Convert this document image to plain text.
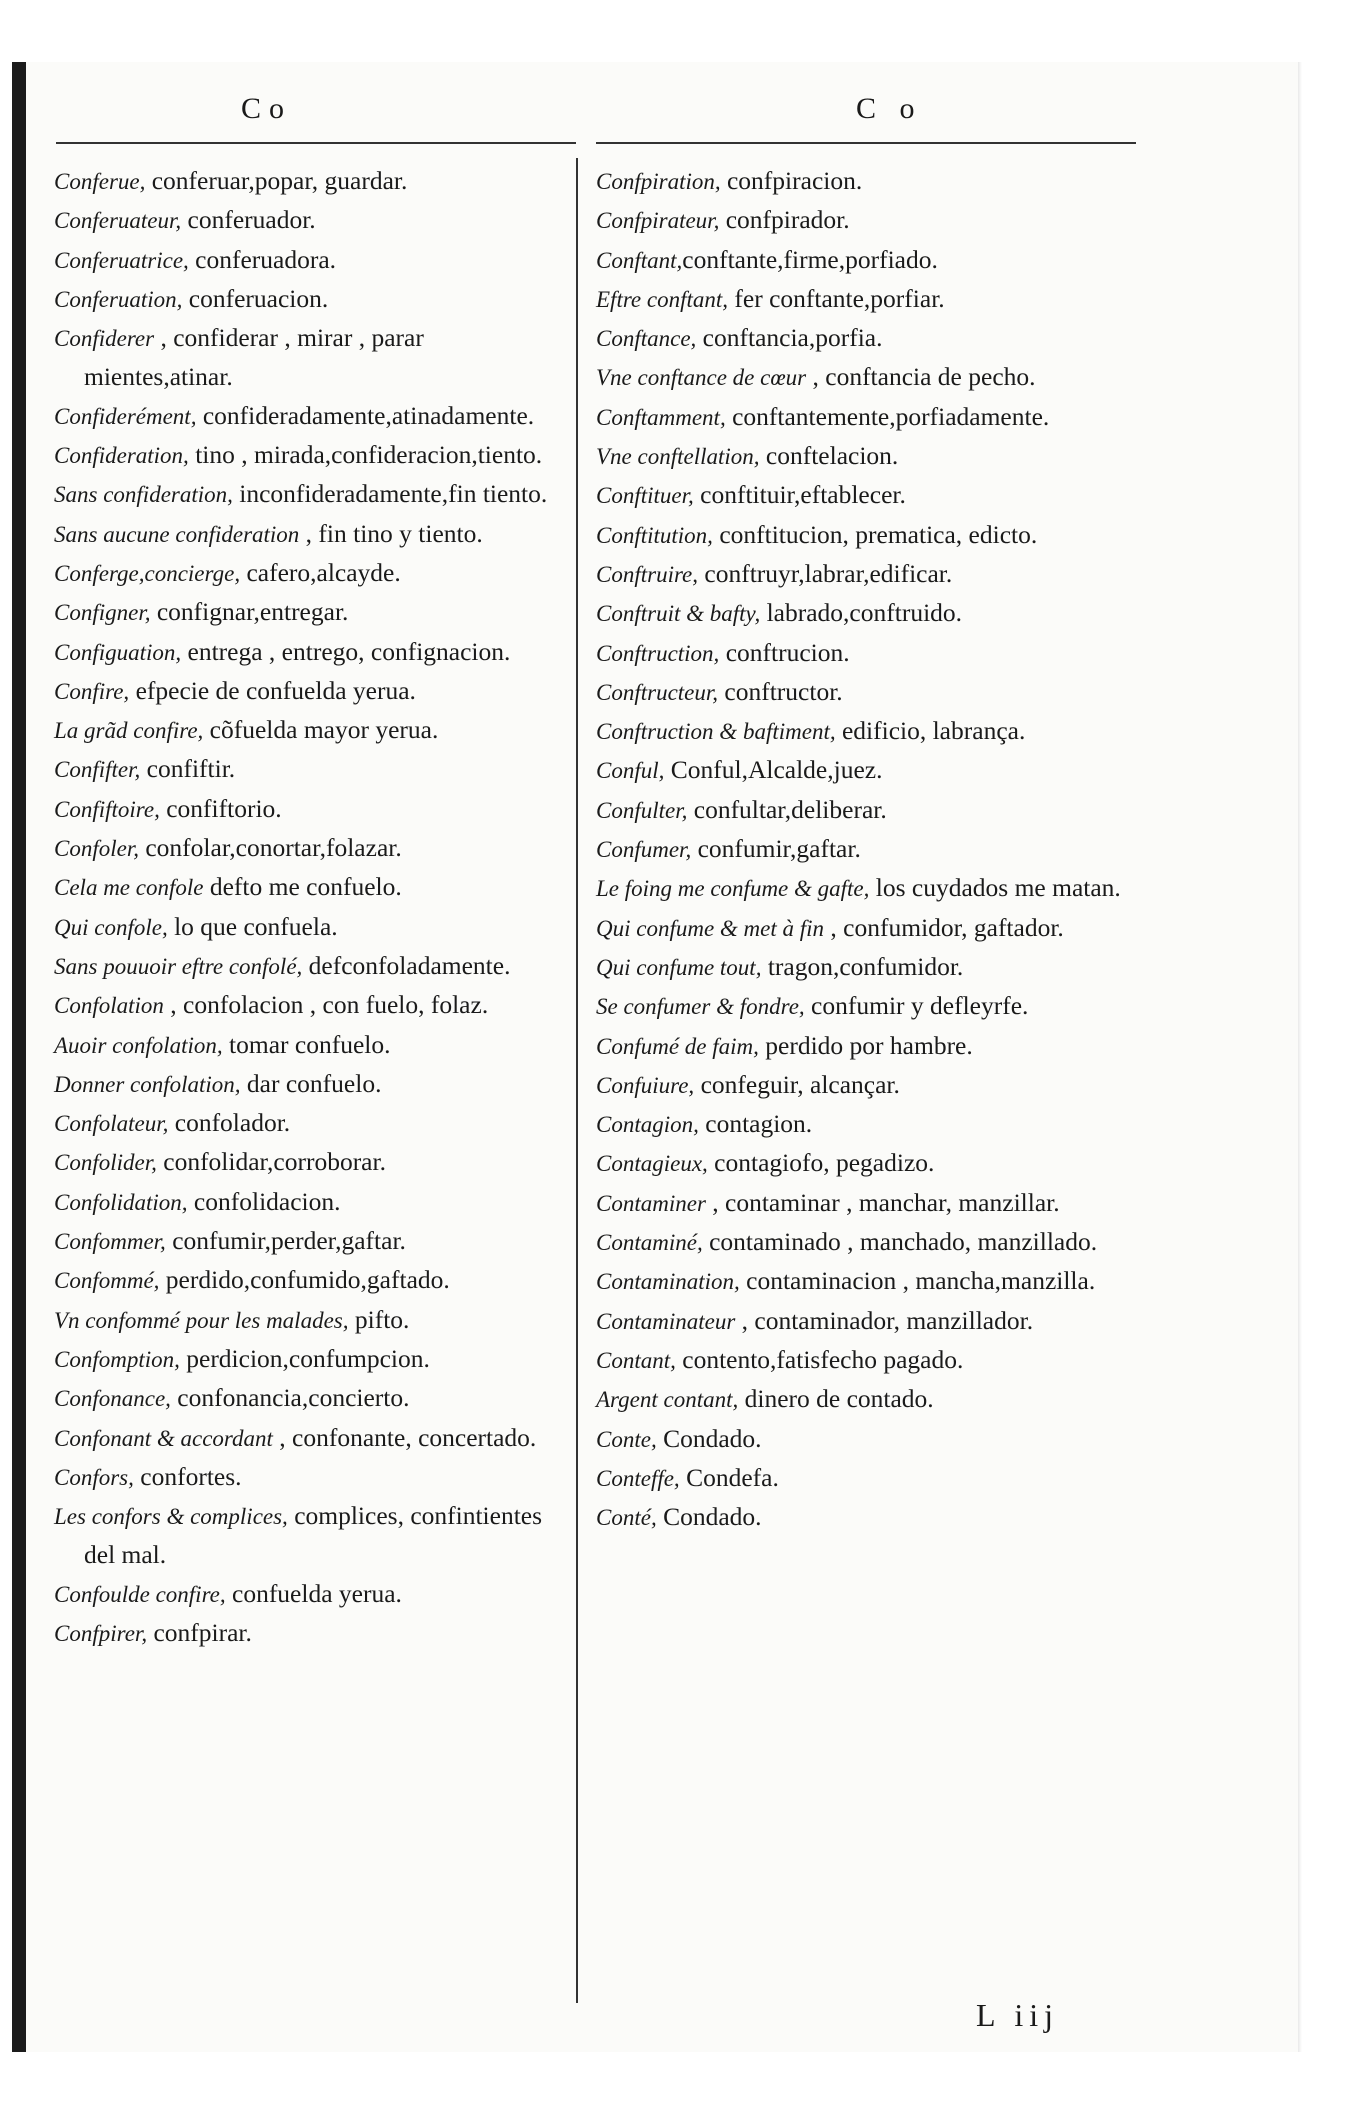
Co	C o

Conferue, conferuar,popar, guardar.

Conferuateur, conferuador.

Conferuatrice, conferuadora.

Conferuation, conferuacion.

Confiderer , confiderar , mirar , parar mientes,atinar.

Confiderément, confideradamente,atinadamente.

Confideration, tino , mirada,confideracion,tiento.

Sans confideration, inconfideradamente,fin tiento.

Sans aucune confideration , fin tino y tiento.

Conferge,concierge, cafero,alcayde.

Configner, confignar,entregar.

Configuation, entrega , entrego, confignacion.

Confire, efpecie de confuelda yerua.

La grãd confire, cõfuelda mayor yerua.

Confifter, confiftir.

Confiftoire, confiftorio.

Confoler, confolar,conortar,folazar.

Cela me confole defto me confuelo.

Qui confole, lo que confuela.

Sans pouuoir eftre confolé, defconfoladamente.

Confolation , confolacion , con fuelo, folaz.

Auoir confolation, tomar confuelo.

Donner confolation, dar confuelo.

Confolateur, confolador.

Confolider, confolidar,corroborar.

Confolidation, confolidacion.

Confommer, confumir,perder,gaftar.

Confommé, perdido,confumido,gaftado.

Vn confommé pour les malades, pifto.

Confomption, perdicion,confumpcion.

Confonance, confonancia,concierto.

Confonant & accordant , confonante, concertado.

Confors, confortes.

Les confors & complices, complices, confintientes del mal.

Confoulde confire, confuelda yerua.

Confpirer, confpirar.

Confpiration, confpiracion.

Confpirateur, confpirador.

Conftant,conftante,firme,porfiado.

Eftre conftant, fer conftante,porfiar.

Conftance, conftancia,porfia.

Vne conftance de cœur , conftancia de pecho.

Conftamment, conftantemente,porfiadamente.

Vne conftellation, conftelacion.

Conftituer, conftituir,eftablecer.

Conftitution, conftitucion, prematica, edicto.

Conftruire, conftruyr,labrar,edificar.

Conftruit & bafty, labrado,conftruido.

Conftruction, conftrucion.

Conftructeur, conftructor.

Conftruction & baftiment, edificio, labrança.

Conful, Conful,Alcalde,juez.

Confulter, confultar,deliberar.

Confumer, confumir,gaftar.

Le foing me confume & gafte, los cuydados me matan.

Qui confume & met à fin , confumidor, gaftador.

Qui confume tout, tragon,confumidor.

Se confumer & fondre, confumir y defleyrfe.

Confumé de faim, perdido por hambre.

Confuiure, confeguir, alcançar.

Contagion, contagion.

Contagieux, contagiofo, pegadizo.

Contaminer , contaminar , manchar, manzillar.

Contaminé, contaminado , manchado, manzillado.

Contamination, contaminacion , mancha,manzilla.

Contaminateur , contaminador, manzillador.

Contant, contento,fatisfecho pagado.

Argent contant, dinero de contado.

Conte, Condado.

Conteffe, Condefa.

Conté, Condado.

L iij
